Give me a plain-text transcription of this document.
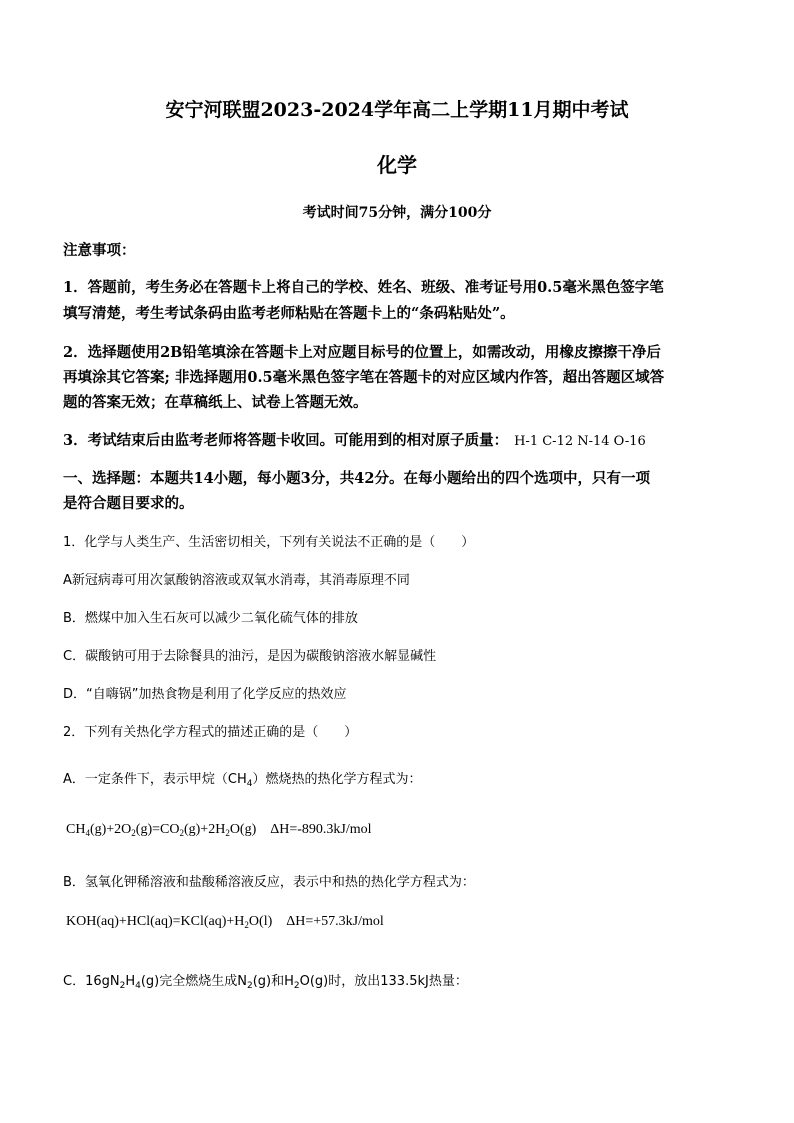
安宁河联盟2023-2024学年高二上学期11月期中考试
化学
考试时间75分钟，满分100分
注意事项：
1．答题前，考生务必在答题卡上将自己的学校、姓名、班级、准考证号用0.5毫米黑色签字笔
填写清楚，考生考试条码由监考老师粘贴在答题卡上的“条码粘贴处”。
2．选择题使用2B铅笔填涂在答题卡上对应题目标号的位置上，如需改动，用橡皮擦擦干净后
再填涂其它答案; 非选择题用0.5毫米黑色签字笔在答题卡的对应区域内作答，超出答题区域答
题的答案无效；在草稿纸上、试卷上答题无效。
3．考试结束后由监考老师将答题卡收回。可能用到的相对原子质量： H-1 C-12 N-14 O-16
一、选择题：本题共14小题，每小题3分，共42分。在每小题给出的四个选项中，只有一项
是符合题目要求的。
1．化学与人类生产、生活密切相关，下列有关说法不正确的是（　　）
A新冠病毒可用次氯酸钠溶液或双氧水消毒，其消毒原理不同
B．燃煤中加入生石灰可以减少二氧化硫气体的排放
C．碳酸钠可用于去除餐具的油污，是因为碳酸钠溶液水解显碱性
D．“自嗨锅”加热食物是利用了化学反应的热效应
2．下列有关热化学方程式的描述正确的是（　　）
A．一定条件下，表示甲烷$(CH_4)$燃烧热的热化学方程式为：
$CH_4(g)+2O_2(g)=CO_2(g)+2H_2O(g)$ ΔH=-890.3kJ/mol
B．氢氧化钾稀溶液和盐酸稀溶液反应，表示中和热的热化学方程式为：
$KOH(aq)+HCl(aq)=KCl(aq)+H_2O(l)$ ΔH=+57.3kJ/mol
C．$16gN_2H_4(g)$完全燃烧生成$N_2(g)$和$H_2O(g)$时，放出133.5kJ热量：
